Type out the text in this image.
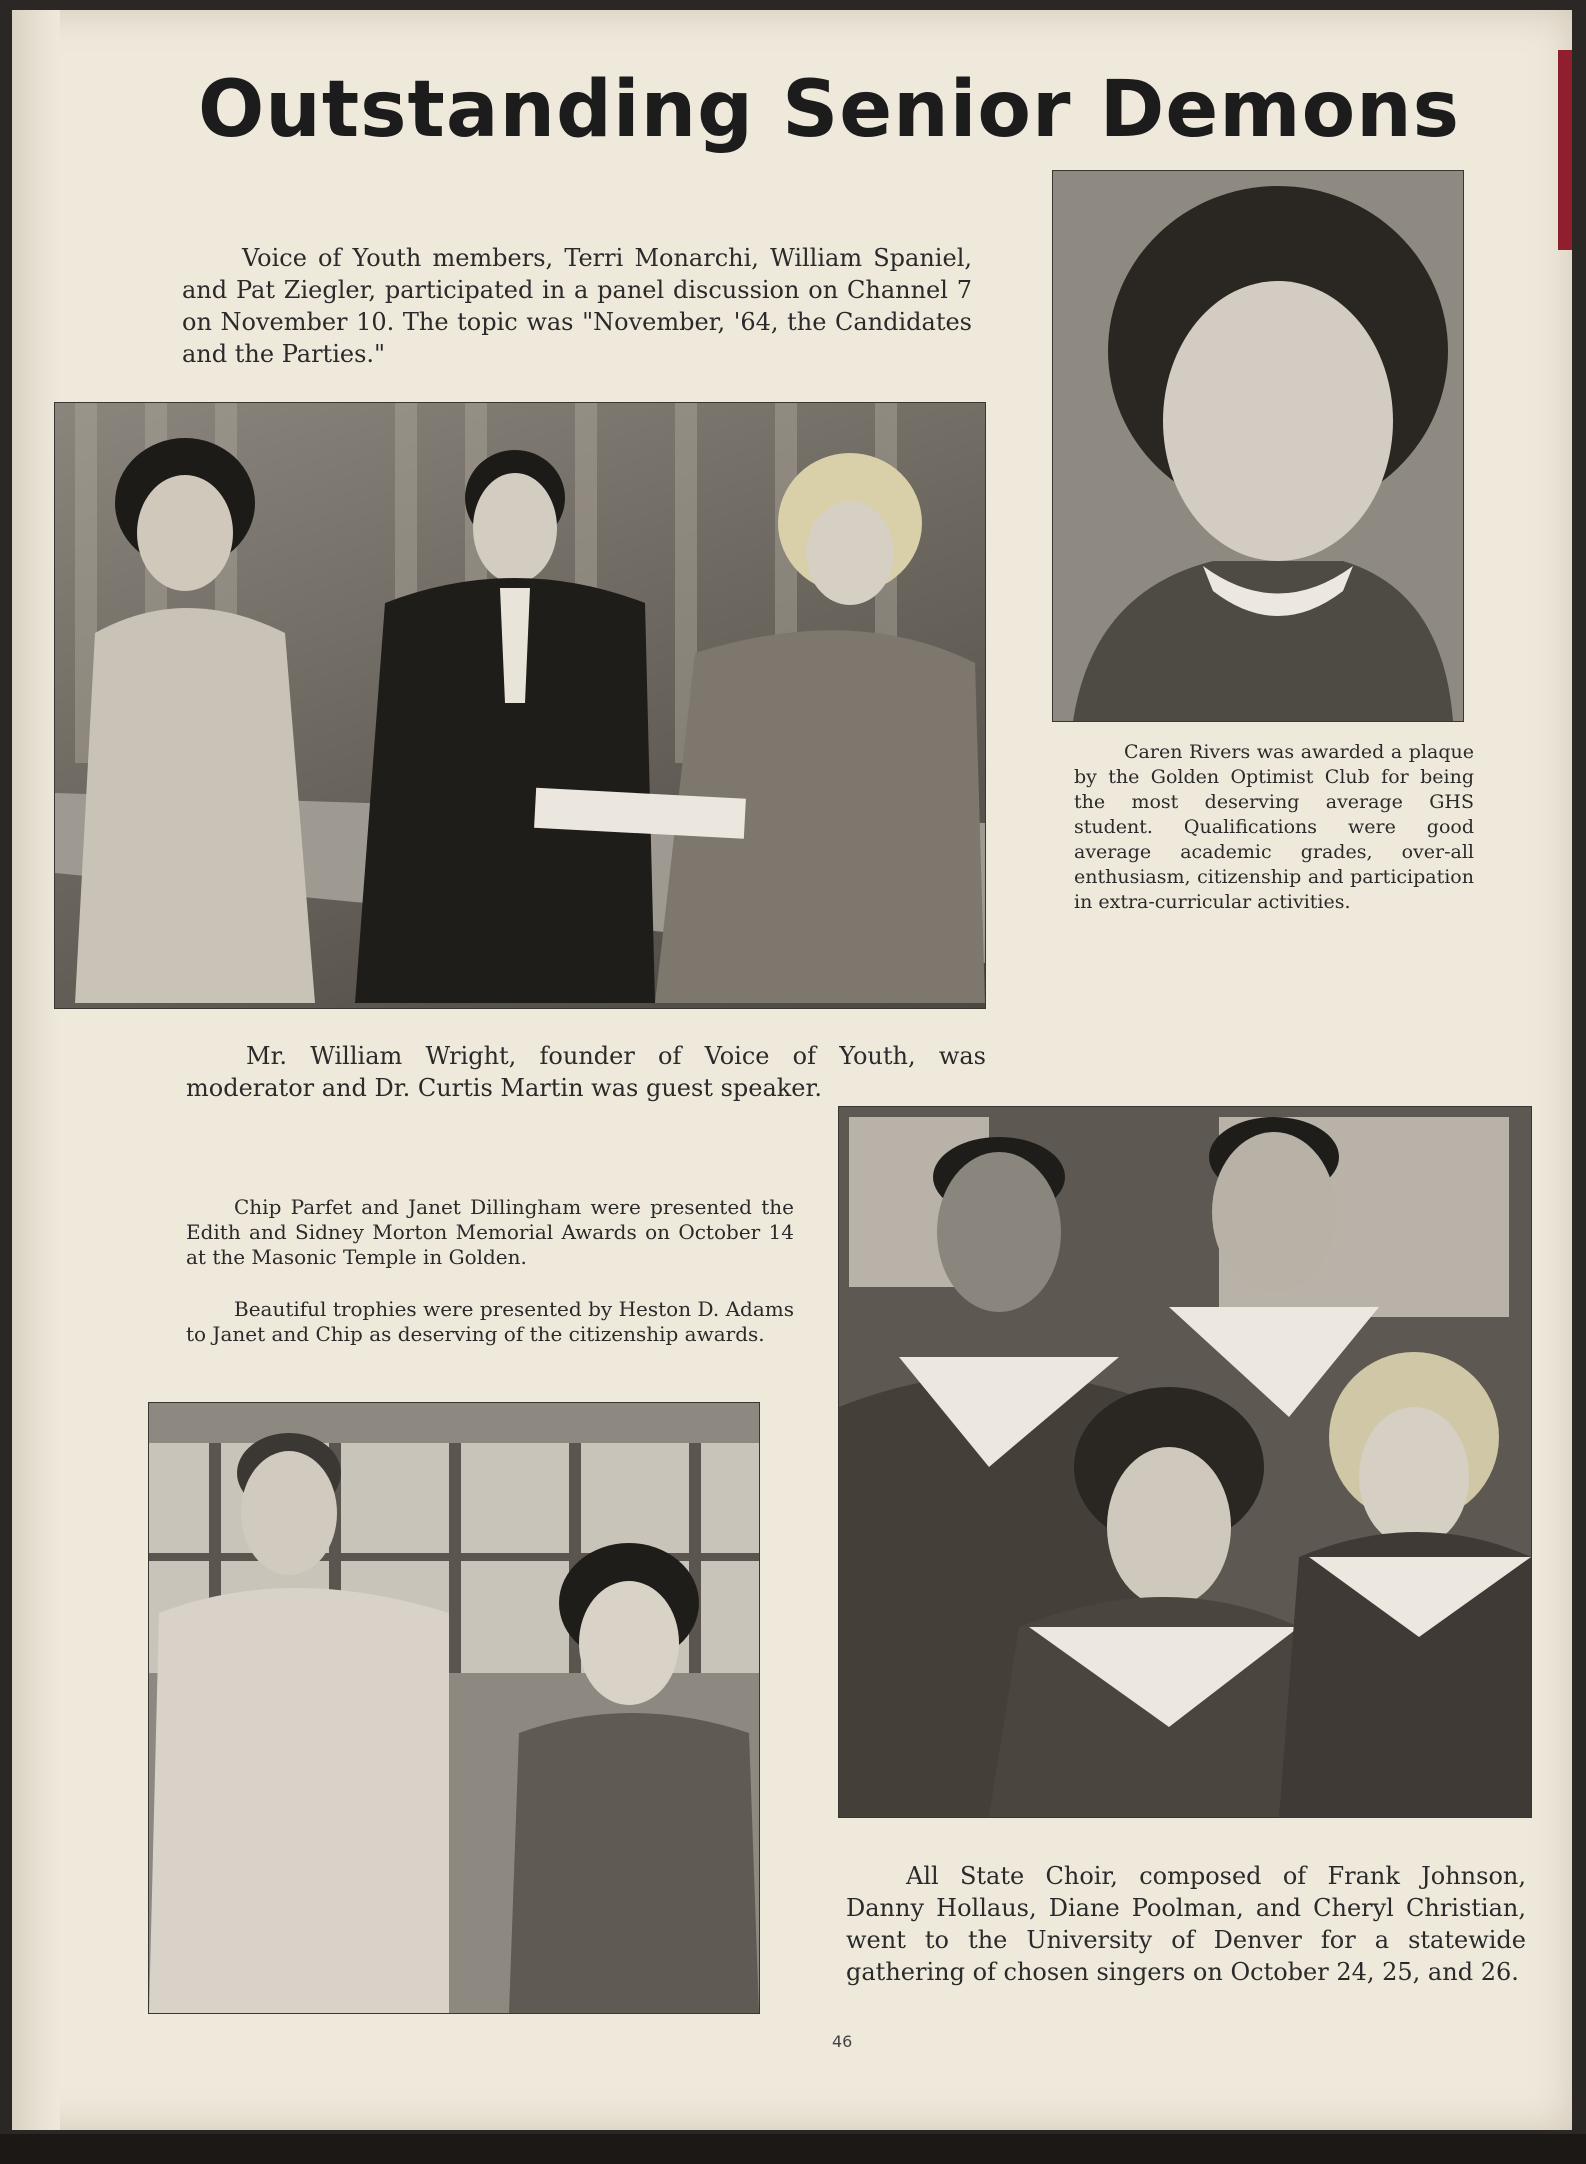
Outstanding Senior Demons

Voice of Youth members, Terri Monarchi, William Spaniel, and Pat Ziegler, participated in a panel discussion on Channel 7 on November 10. The topic was "November, '64, the Candidates and the Parties."

Mr. William Wright, founder of Voice of Youth, was moderator and Dr. Curtis Martin was guest speaker.

Caren Rivers was awarded a plaque by the Golden Optimist Club for being the most deserving average GHS student. Qualifications were good average academic grades, over-all enthusiasm, citizenship and participation in extra-curricular activities.

Chip Parfet and Janet Dillingham were presented the Edith and Sidney Morton Memorial Awards on October 14 at the Masonic Temple in Golden.

Beautiful trophies were presented by Heston D. Adams to Janet and Chip as deserving of the citizenship awards.

All State Choir, composed of Frank Johnson, Danny Hollaus, Diane Poolman, and Cheryl Christian, went to the University of Denver for a statewide gathering of chosen singers on October 24, 25, and 26.

46
